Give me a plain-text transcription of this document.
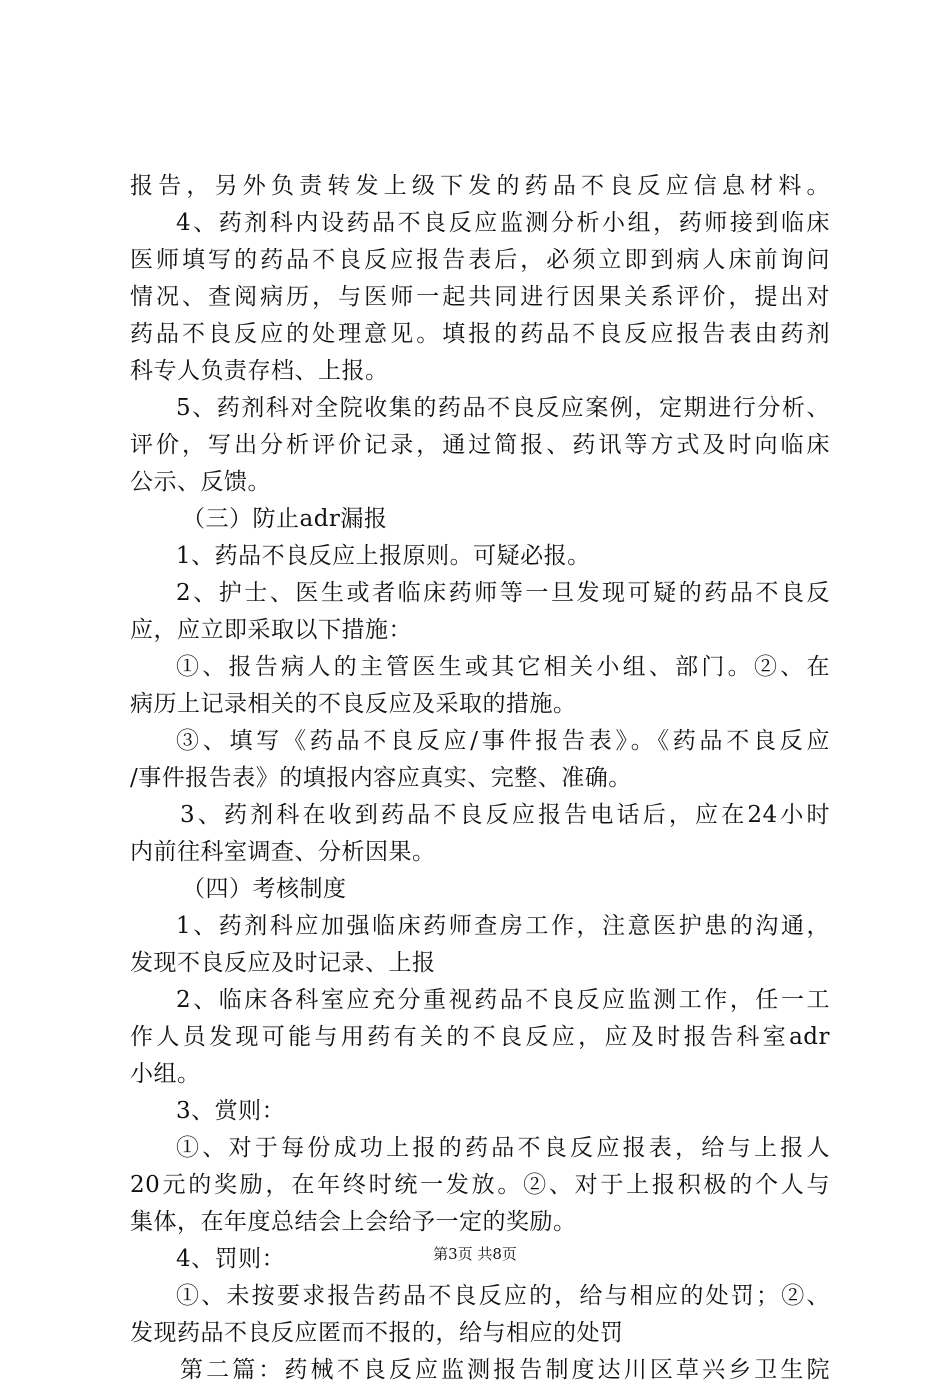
报告，另外负责转发上级下发的药品不良反应信息材料。
4、药剂科内设药品不良反应监测分析小组，药师接到临床
医师填写的药品不良反应报告表后，必须立即到病人床前询问
情况、查阅病历，与医师一起共同进行因果关系评价，提出对
药品不良反应的处理意见。填报的药品不良反应报告表由药剂
科专人负责存档、上报。
5、药剂科对全院收集的药品不良反应案例，定期进行分析、
评价，写出分析评价记录，通过简报、药讯等方式及时向临床
公示、反馈。
（三）防止adr漏报
1、药品不良反应上报原则。可疑必报。
2、护士、医生或者临床药师等一旦发现可疑的药品不良反
应，应立即采取以下措施：
①、报告病人的主管医生或其它相关小组、部门。②、在
病历上记录相关的不良反应及采取的措施。
③、填写《药品不良反应/事件报告表》。《药品不良反应
/事件报告表》的填报内容应真实、完整、准确。
3、药剂科在收到药品不良反应报告电话后，应在24小时
内前往科室调查、分析因果。
（四）考核制度
1、药剂科应加强临床药师查房工作，注意医护患的沟通，
发现不良反应及时记录、上报
2、临床各科室应充分重视药品不良反应监测工作，任一工
作人员发现可能与用药有关的不良反应，应及时报告科室adr
小组。
3、赏则：
①、对于每份成功上报的药品不良反应报表，给与上报人
20元的奖励，在年终时统一发放。②、对于上报积极的个人与
集体，在年度总结会上会给予一定的奖励。
4、罚则：
①、未按要求报告药品不良反应的，给与相应的处罚；②、
发现药品不良反应匿而不报的，给与相应的处罚
第二篇：药械不良反应监测报告制度达川区草兴乡卫生院
第3页 共8页
